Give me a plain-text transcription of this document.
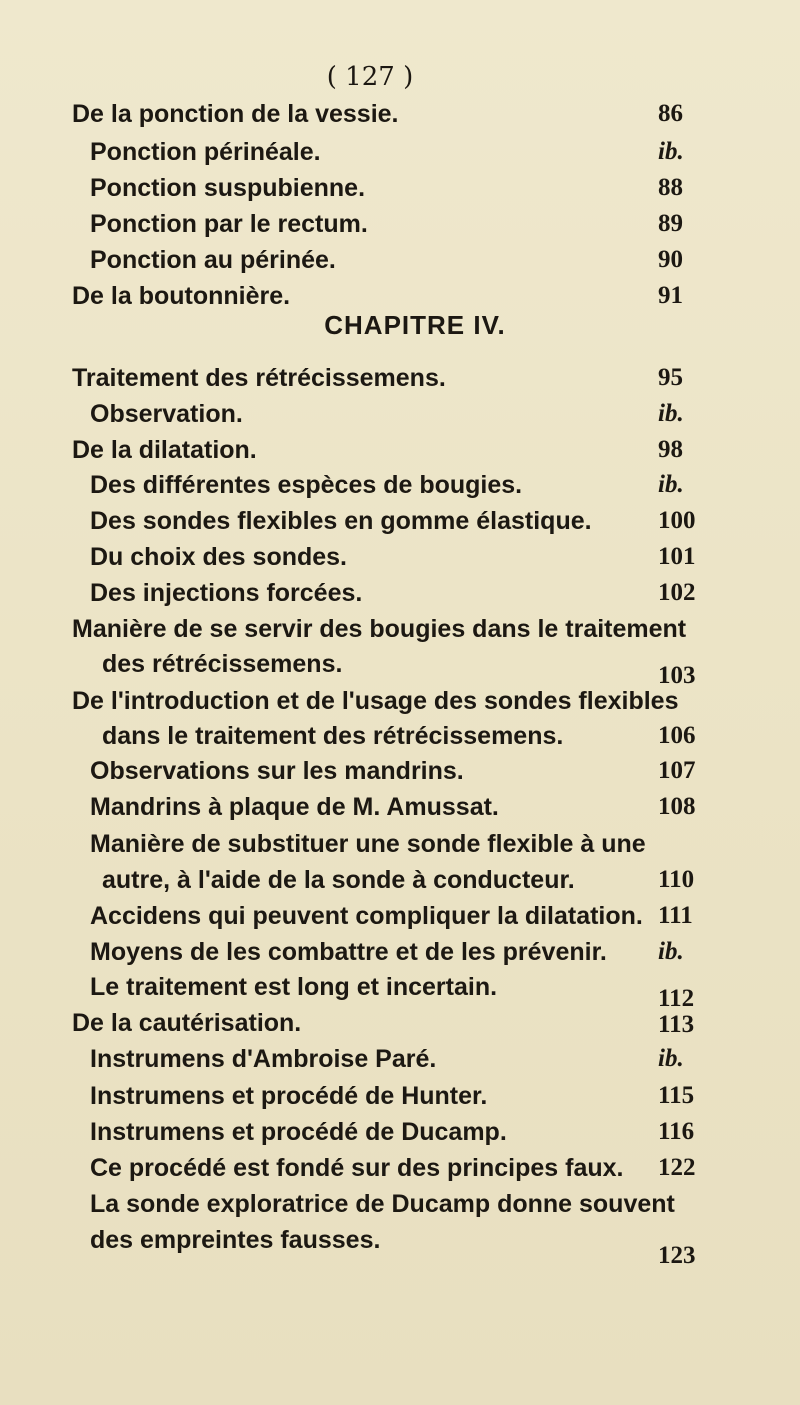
( 127 )
De la ponction de la vessie.	86
Ponction périnéale.	ib.
Ponction suspubienne.	88
Ponction par le rectum.	89
Ponction au périnée.	90
De la boutonnière.	91
CHAPITRE IV.
Traitement des rétrécissemens.	95
Observation.	ib.
De la dilatation.	98
Des différentes espèces de bougies.	ib.
Des sondes flexibles en gomme élastique.	100
Du choix des sondes.	101
Des injections forcées.	102
Manière de se servir des bougies dans le traitement
des rétrécissemens.	103
De l'introduction et de l'usage des sondes flexibles
dans le traitement des rétrécissemens.	106
Observations sur les mandrins.	107
Mandrins à plaque de M. Amussat.	108
Manière de substituer une sonde flexible à une
autre, à l'aide de la sonde à conducteur.	110
Accidens qui peuvent compliquer la dilatation. 111
Moyens de les combattre et de les prévenir. ib.
Le traitement est long et incertain.	112
De la cautérisation.	113
Instrumens d'Ambroise Paré.	ib.
Instrumens et procédé de Hunter.	115
Instrumens et procédé de Ducamp.	116
Ce procédé est fondé sur des principes faux. 122
La sonde exploratrice de Ducamp donne souvent
des empreintes fausses.
123
